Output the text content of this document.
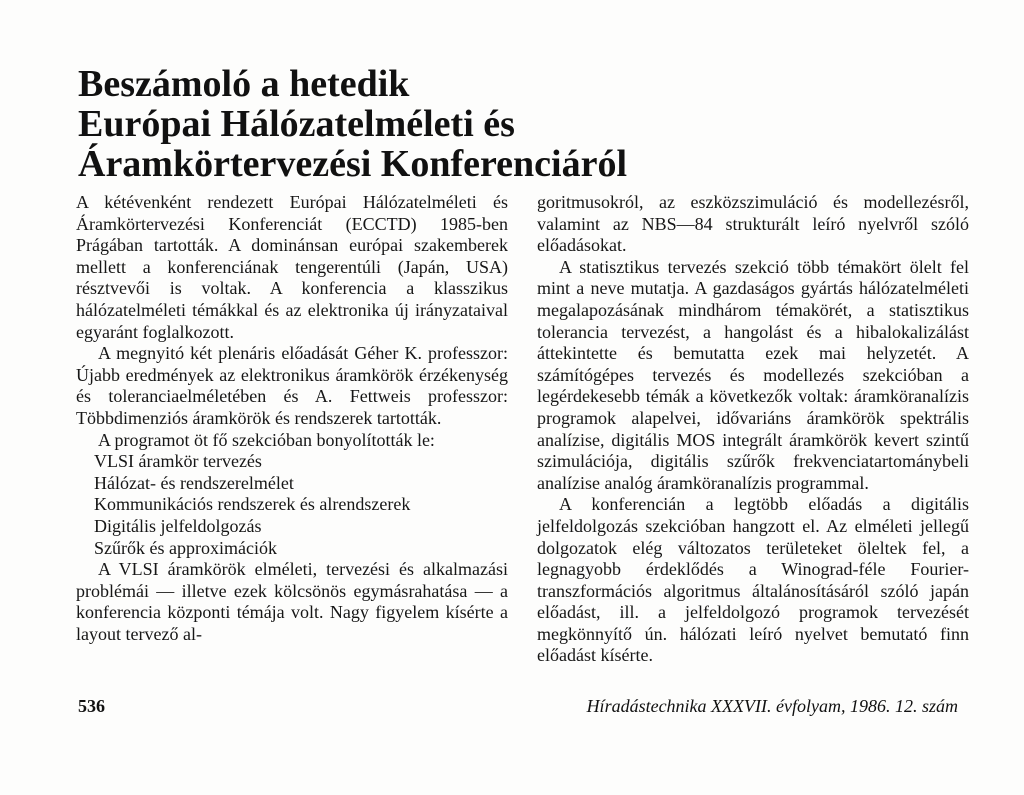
Beszámoló a hetedik
Európai Hálózatelméleti és
Áramkörtervezési Konferenciáról

A kétévenként rendezett Európai Hálózatelméleti és Áramkörtervezési Konferenciát (ECCTD) 1985-ben Prágában tartották. A dominánsan európai szakemberek mellett a konferenciának tengerentúli (Japán, USA) résztvevői is voltak. A konferencia a klasszikus hálózatelméleti témákkal és az elektronika új irányzataival egyaránt foglalkozott.

A megnyitó két plenáris előadását Géher K. professzor: Újabb eredmények az elektronikus áramkörök érzékenység és toleranciaelméletében és A. Fettweis professzor: Többdimenziós áramkörök és rendszerek tartották.

A programot öt fő szekcióban bonyolították le:

VLSI áramkör tervezés
Hálózat- és rendszerelmélet
Kommunikációs rendszerek és alrendszerek
Digitális jelfeldolgozás
Szűrők és approximációk

A VLSI áramkörök elméleti, tervezési és alkalmazási problémái — illetve ezek kölcsönös egymásrahatása — a konferencia központi témája volt. Nagy figyelem kísérte a layout tervező al-

goritmusokról, az eszközszimuláció és modellezésről, valamint az NBS—84 strukturált leíró nyelvről szóló előadásokat.

A statisztikus tervezés szekció több témakört ölelt fel mint a neve mutatja. A gazdaságos gyártás hálózatelméleti megalapozásának mindhárom témakörét, a statisztikus tolerancia tervezést, a hangolást és a hibalokalizálást áttekintette és bemutatta ezek mai helyzetét. A számítógépes tervezés és modellezés szekcióban a legérdekesebb témák a következők voltak: áramköranalízis programok alapelvei, idővariáns áramkörök spektrális analízise, digitális MOS integrált áramkörök kevert szintű szimulációja, digitális szűrők frekvenciatartománybeli analízise analóg áramköranalízis programmal.

A konferencián a legtöbb előadás a digitális jelfeldolgozás szekcióban hangzott el. Az elméleti jellegű dolgozatok elég változatos területeket öleltek fel, a legnagyobb érdeklődés a Winograd-féle Fourier-transzformációs algoritmus általánosításáról szóló japán előadást, ill. a jelfeldolgozó programok tervezését megkönnyítő ún. hálózati leíró nyelvet bemutató finn előadást kísérte.

536	Híradástechnika XXXVII. évfolyam, 1986. 12. szám
